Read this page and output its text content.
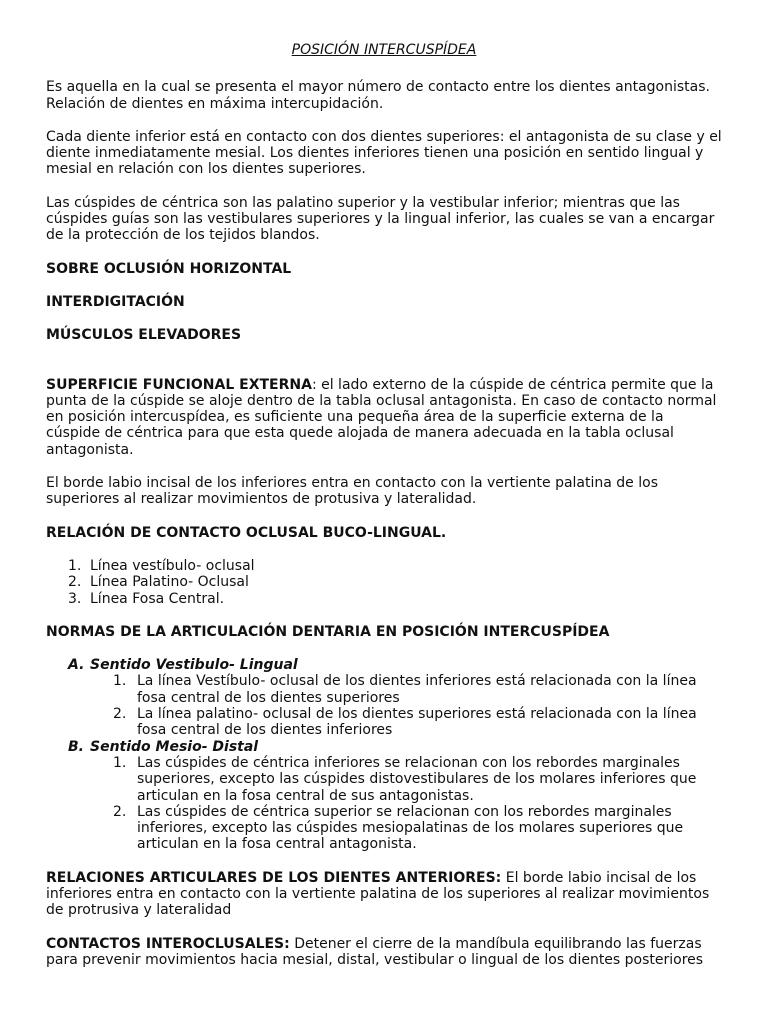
POSICIÓN INTERCUSPÍDEA

Es aquella en la cual se presenta el mayor número de contacto entre los dientes antagonistas. Relación de dientes en máxima intercupidación.

Cada diente inferior está en contacto con dos dientes superiores: el antagonista de su clase y el diente inmediatamente mesial. Los dientes inferiores tienen una posición en sentido lingual y mesial en relación con los dientes superiores.

Las cúspides de céntrica son las palatino superior y la vestibular inferior; mientras que las cúspides guías son las vestibulares superiores y la lingual inferior, las cuales se van a encargar de la protección de los tejidos blandos.

SOBRE OCLUSIÓN HORIZONTAL

INTERDIGITACIÓN

MÚSCULOS ELEVADORES

SUPERFICIE FUNCIONAL EXTERNA: el lado externo de la cúspide de céntrica permite que la punta de la cúspide se aloje dentro de la tabla oclusal antagonista. En caso de contacto normal en posición intercuspídea, es suficiente una pequeña área de la superficie externa de la cúspide de céntrica para que esta quede alojada de manera adecuada en la tabla oclusal antagonista.

El borde labio incisal de los inferiores entra en contacto con la vertiente palatina de los superiores al realizar movimientos de protusiva y lateralidad.

RELACIÓN DE CONTACTO OCLUSAL BUCO-LINGUAL.

1. Línea vestíbulo- oclusal
2. Línea Palatino- Oclusal
3. Línea Fosa Central.

NORMAS DE LA ARTICULACIÓN DENTARIA EN POSICIÓN INTERCUSPÍDEA

A. Sentido Vestibulo- Lingual
1. La línea Vestíbulo- oclusal de los dientes inferiores está relacionada con la línea fosa central de los dientes superiores
2. La línea palatino- oclusal de los dientes superiores está relacionada con la línea fosa central de los dientes inferiores
B. Sentido Mesio- Distal
1. Las cúspides de céntrica inferiores se relacionan con los rebordes marginales superiores, excepto las cúspides distovestibulares de los molares inferiores que articulan en la fosa central de sus antagonistas.
2. Las cúspides de céntrica superior se relacionan con los rebordes marginales inferiores, excepto las cúspides mesiopalatinas de los molares superiores que articulan en la fosa central antagonista.

RELACIONES ARTICULARES DE LOS DIENTES ANTERIORES: El borde labio incisal de los inferiores entra en contacto con la vertiente palatina de los superiores al realizar movimientos de protrusiva y lateralidad

CONTACTOS INTEROCLUSALES: Detener el cierre de la mandíbula equilibrando las fuerzas para prevenir movimientos hacia mesial, distal, vestibular o lingual de los dientes posteriores
